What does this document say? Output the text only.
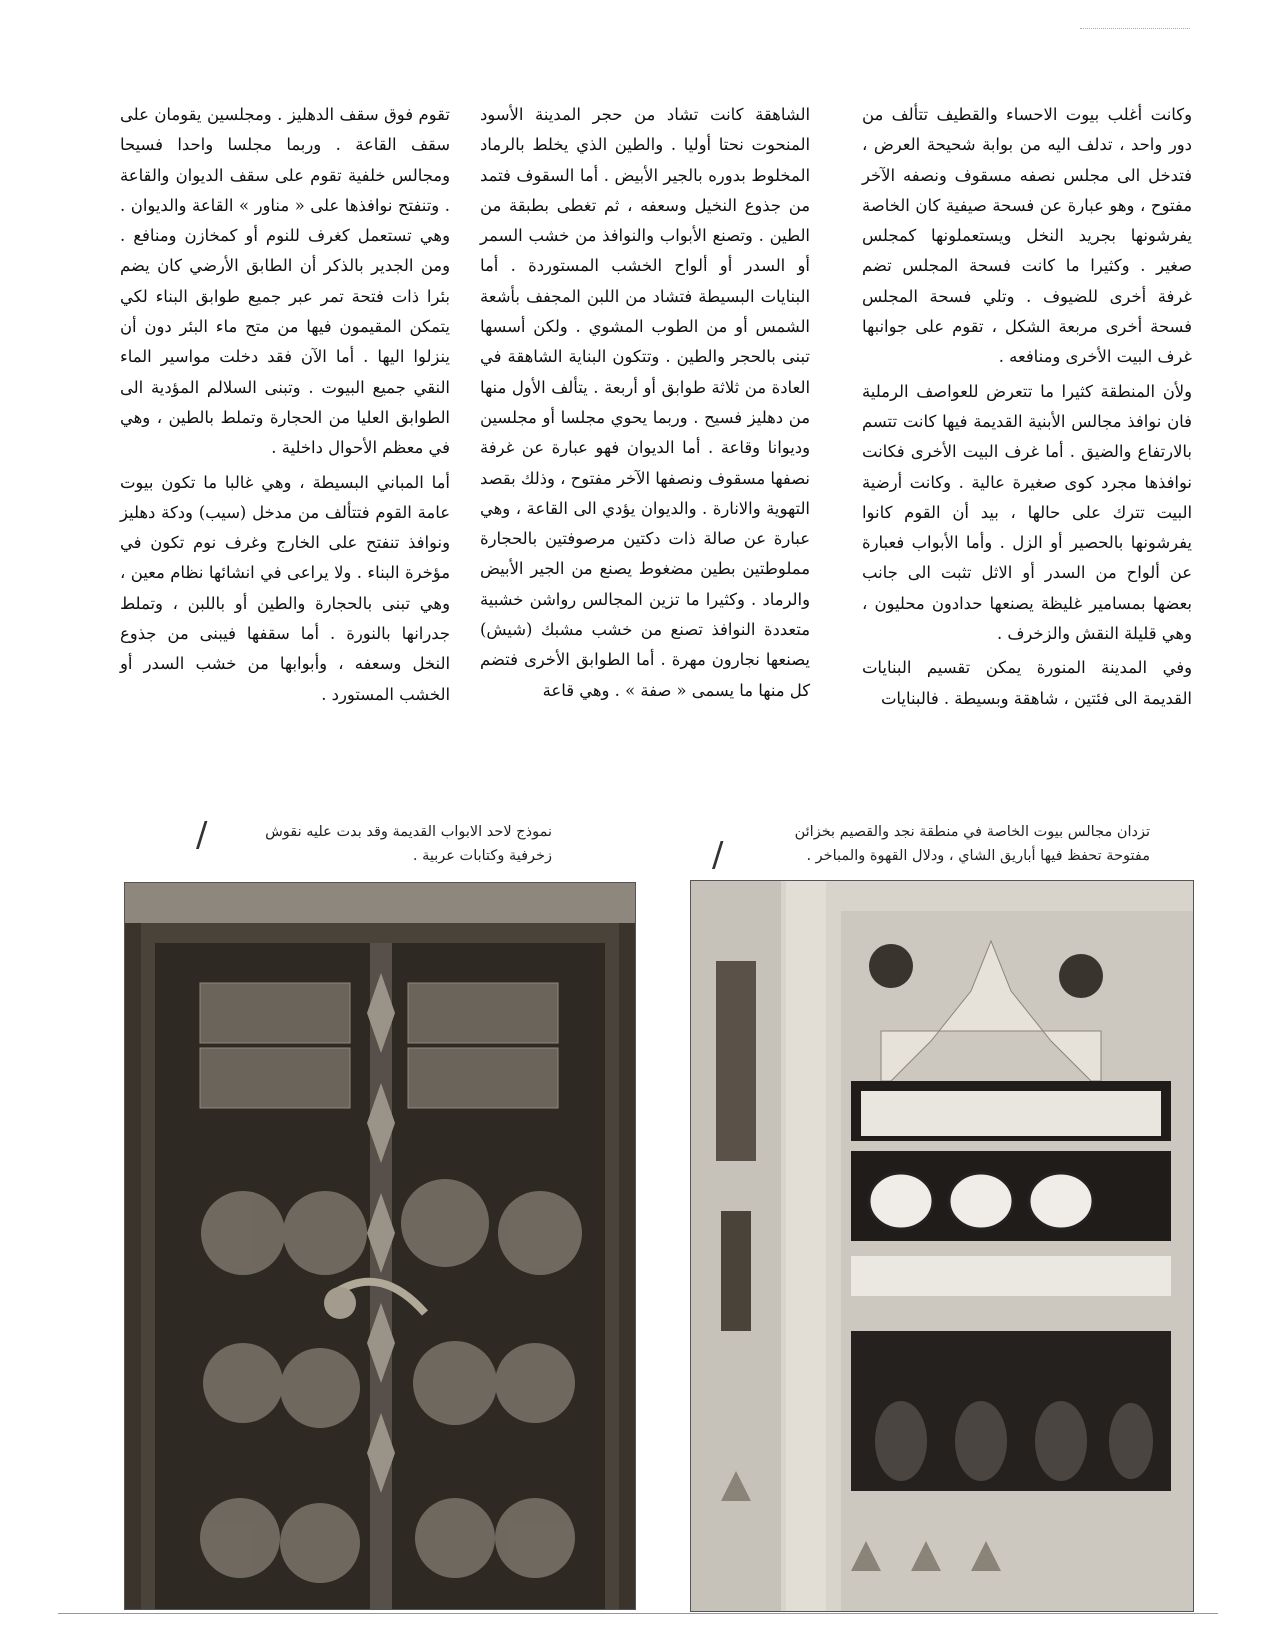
وكانت أغلب بيوت الاحساء والقطيف تتألف من دور واحد ، تدلف اليه من بوابة شحيحة العرض ، فتدخل الى مجلس نصفه مسقوف ونصفه الآخر مفتوح ، وهو عبارة عن فسحة صيفية كان الخاصة يفرشونها بجريد النخل ويستعملونها كمجلس صغير . وكثيرا ما كانت فسحة المجلس تضم غرفة أخرى للضيوف . وتلي فسحة المجلس فسحة أخرى مربعة الشكل ، تقوم على جوانبها غرف البيت الأخرى ومنافعه .

ولأن المنطقة كثيرا ما تتعرض للعواصف الرملية فان نوافذ مجالس الأبنية القديمة فيها كانت تتسم بالارتفاع والضيق . أما غرف البيت الأخرى فكانت نوافذها مجرد كوى صغيرة عالية . وكانت أرضية البيت تترك على حالها ، بيد أن القوم كانوا يفرشونها بالحصير أو الزل . وأما الأبواب فعبارة عن ألواح من السدر أو الاثل تثبت الى جانب بعضها بمسامير غليظة يصنعها حدادون محليون ، وهي قليلة النقش والزخرف .

وفي المدينة المنورة يمكن تقسيم البنايات القديمة الى فئتين ، شاهقة وبسيطة . فالبنايات

الشاهقة كانت تشاد من حجر المدينة الأسود المنحوت نحتا أوليا . والطين الذي يخلط بالرماد المخلوط بدوره بالجير الأبيض . أما السقوف فتمد من جذوع النخيل وسعفه ، ثم تغطى بطبقة من الطين . وتصنع الأبواب والنوافذ من خشب السمر أو السدر أو ألواح الخشب المستوردة . أما البنايات البسيطة فتشاد من اللبن المجفف بأشعة الشمس أو من الطوب المشوي . ولكن أسسها تبنى بالحجر والطين . وتتكون البناية الشاهقة في العادة من ثلاثة طوابق أو أربعة . يتألف الأول منها من دهليز فسيح . وربما يحوي مجلسا أو مجلسين وديوانا وقاعة . أما الديوان فهو عبارة عن غرفة نصفها مسقوف ونصفها الآخر مفتوح ، وذلك بقصد التهوية والانارة . والديوان يؤدي الى القاعة ، وهي عبارة عن صالة ذات دكتين مرصوفتين بالحجارة مملوطتين بطين مضغوط يصنع من الجير الأبيض والرماد . وكثيرا ما تزين المجالس رواشن خشبية متعددة النوافذ تصنع من خشب مشبك (شيش) يصنعها نجارون مهرة . أما الطوابق الأخرى فتضم كل منها ما يسمى « صفة » . وهي قاعة

تقوم فوق سقف الدهليز . ومجلسين يقومان على سقف القاعة . وربما مجلسا واحدا فسيحا ومجالس خلفية تقوم على سقف الديوان والقاعة . وتنفتح نوافذها على « مناور » القاعة والديوان . وهي تستعمل كغرف للنوم أو كمخازن ومنافع . ومن الجدير بالذكر أن الطابق الأرضي كان يضم بئرا ذات فتحة تمر عبر جميع طوابق البناء لكي يتمكن المقيمون فيها من متح ماء البئر دون أن ينزلوا اليها . أما الآن فقد دخلت مواسير الماء النقي جميع البيوت . وتبنى السلالم المؤدية الى الطوابق العليا من الحجارة وتملط بالطين ، وهي في معظم الأحوال داخلية .

أما المباني البسيطة ، وهي غالبا ما تكون بيوت عامة القوم فتتألف من مدخل (سيب) ودكة دهليز ونوافذ تنفتح على الخارج وغرف نوم تكون في مؤخرة البناء . ولا يراعى في انشائها نظام معين ، وهي تبنى بالحجارة والطين أو باللبن ، وتملط جدرانها بالنورة . أما سقفها فيبنى من جذوع النخل وسعفه ، وأبوابها من خشب السدر أو الخشب المستورد .

تزدان مجالس بيوت الخاصة في منطقة نجد والقصيم بخزائن مفتوحة تحفظ فيها أباريق الشاي ، ودلال القهوة والمباخر .
نموذج لاحد الابواب القديمة وقد بدت عليه نقوش زخرفية وكتابات عربية .	/
/
